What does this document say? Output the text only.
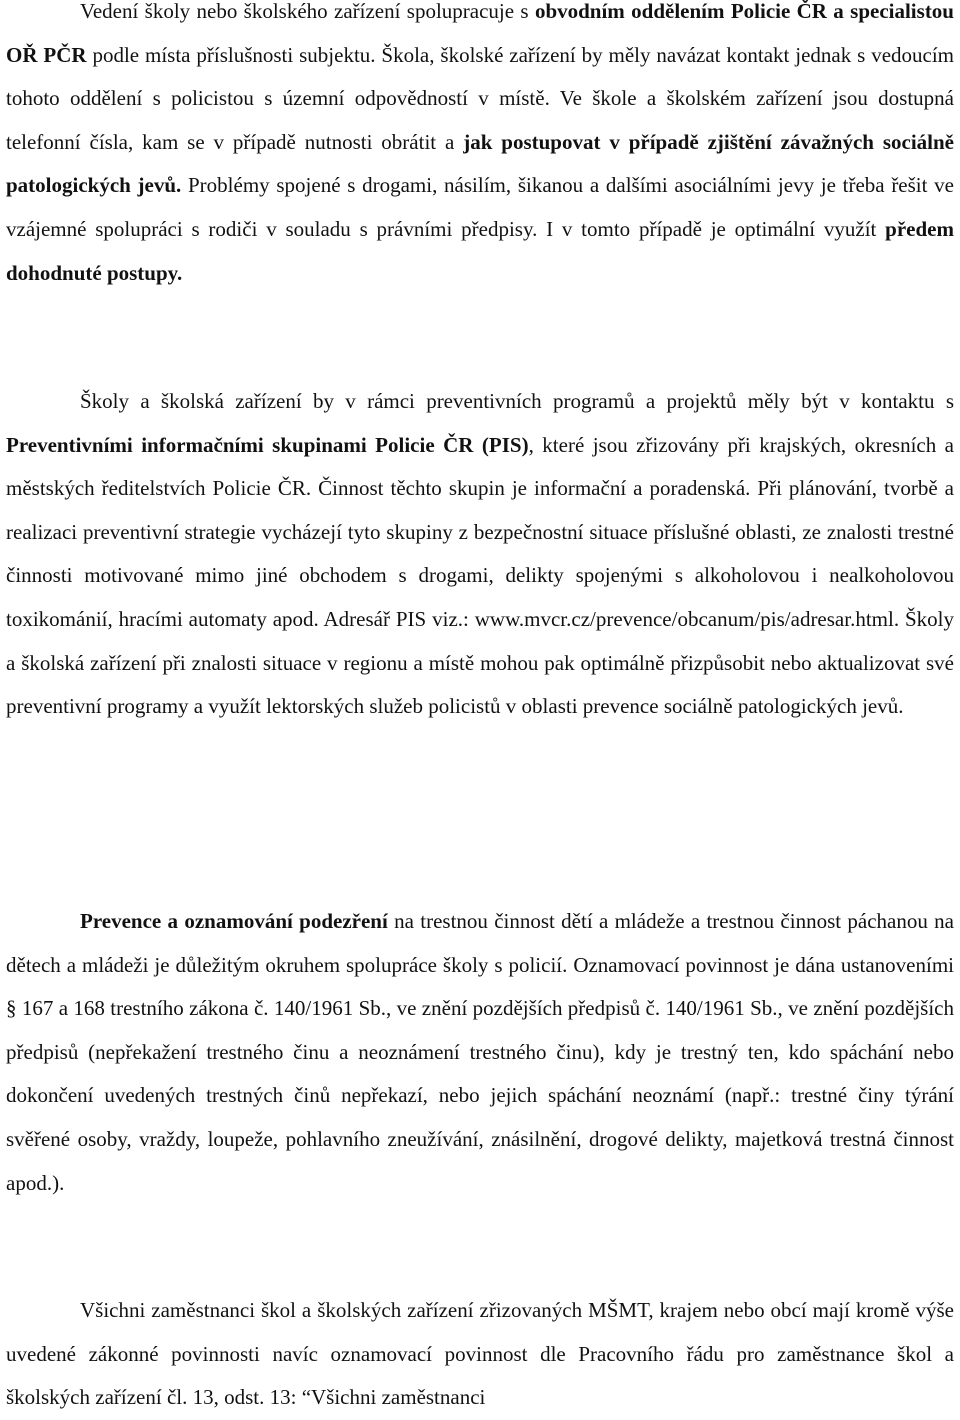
Vedení školy nebo školského zařízení spolupracuje s obvodním oddělením Policie ČR a specialistou OŘ PČR podle místa příslušnosti subjektu. Škola, školské zařízení by měly navázat kontakt jednak s vedoucím tohoto oddělení s policistou s územní odpovědností v místě. Ve škole a školském zařízení jsou dostupná telefonní čísla, kam se v případě nutnosti obrátit a jak postupovat v případě zjištění závažných sociálně patologických jevů. Problémy spojené s drogami, násilím, šikanou a dalšími asociálními jevy je třeba řešit ve vzájemné spolupráci s rodiči v souladu s právními předpisy. I v tomto případě je optimální využít předem dohodnuté postupy.

Školy a školská zařízení by v rámci preventivních programů a projektů měly být v kontaktu s Preventivními informačními skupinami Policie ČR (PIS), které jsou zřizovány při krajských, okresních a městských ředitelstvích Policie ČR. Činnost těchto skupin je informační a poradenská. Při plánování, tvorbě a realizaci preventivní strategie vycházejí tyto skupiny z bezpečnostní situace příslušné oblasti, ze znalosti trestné činnosti motivované mimo jiné obchodem s drogami, delikty spojenými s alkoholovou i nealkoholovou toxikománií, hracími automaty apod. Adresář PIS viz.: www.mvcr.cz/prevence/obcanum/pis/adresar.html. Školy a školská zařízení při znalosti situace v regionu a místě mohou pak optimálně přizpůsobit nebo aktualizovat své preventivní programy a využít lektorských služeb policistů v oblasti prevence sociálně patologických jevů.

Prevence a oznamování podezření na trestnou činnost dětí a mládeže a trestnou činnost páchanou na dětech a mládeži je důležitým okruhem spolupráce školy s policií. Oznamovací povinnost je dána ustanoveními § 167 a 168 trestního zákona č. 140/1961 Sb., ve znění pozdějších předpisů č. 140/1961 Sb., ve znění pozdějších předpisů (nepřekažení trestného činu a neoznámení trestného činu), kdy je trestný ten, kdo spáchání nebo dokončení uvedených trestných činů nepřekazí, nebo jejich spáchání neoznámí (např.: trestné činy týrání svěřené osoby, vraždy, loupeže, pohlavního zneužívání, znásilnění, drogové delikty, majetková trestná činnost apod.).

Všichni zaměstnanci škol a školských zařízení zřizovaných MŠMT, krajem nebo obcí mají kromě výše uvedené zákonné povinnosti navíc oznamovací povinnost dle Pracovního řádu pro zaměstnance škol a školských zařízení čl. 13, odst. 13: “Všichni zaměstnanci
